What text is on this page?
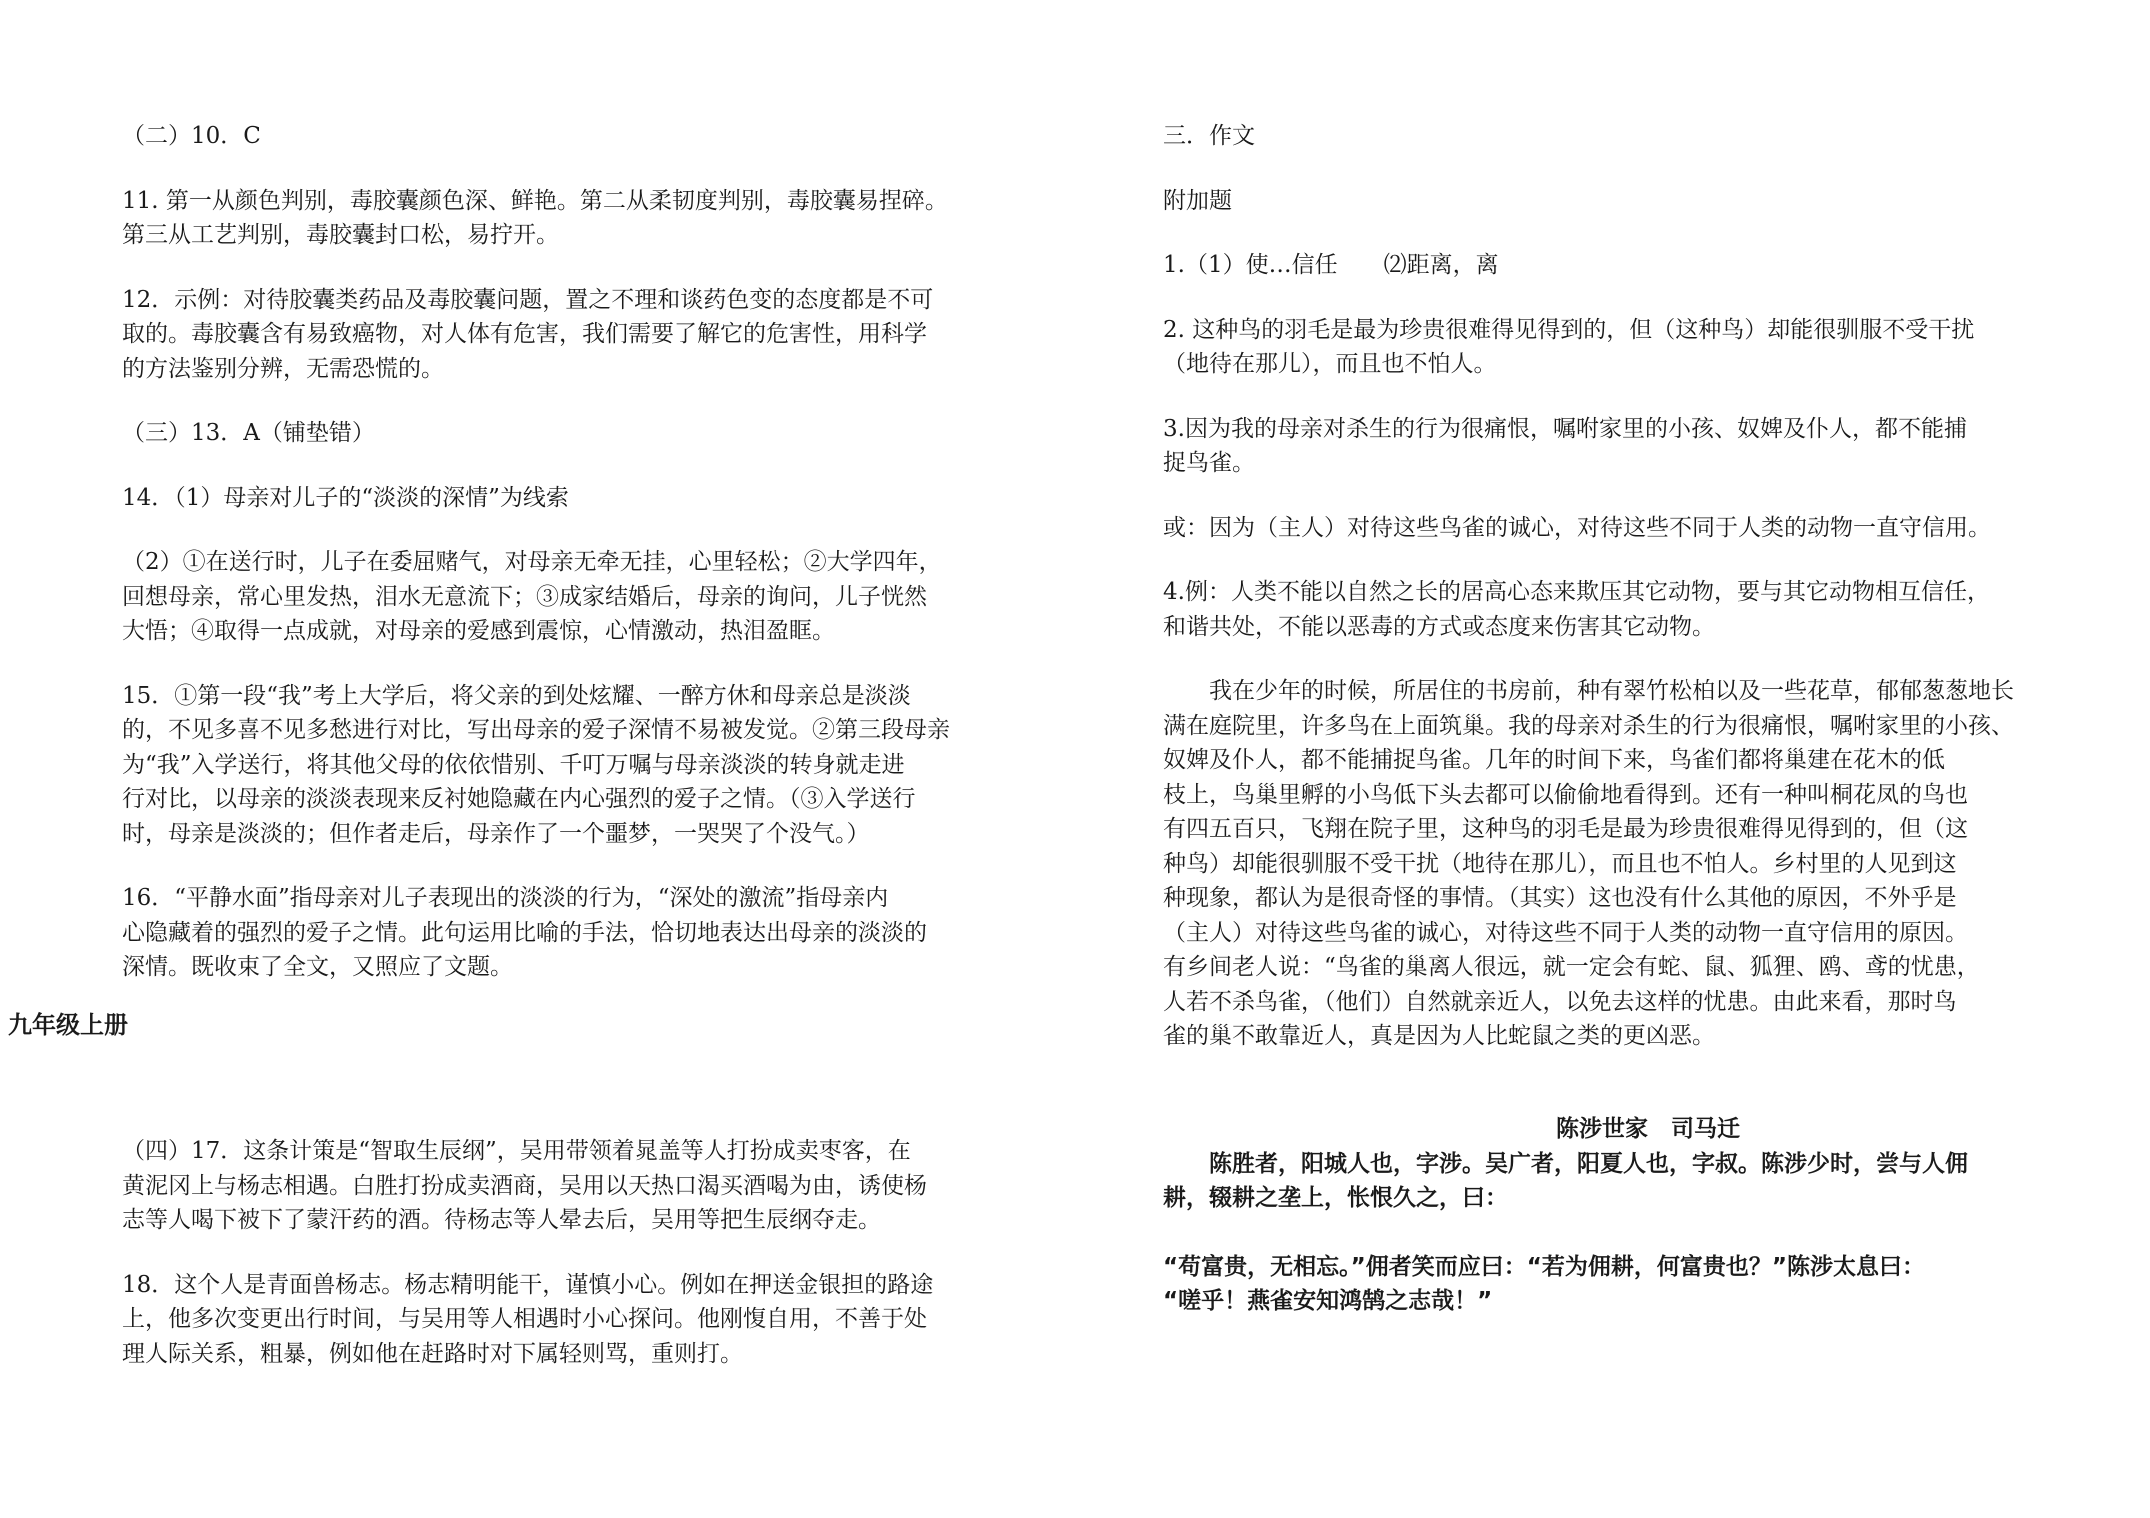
（二）10．C

11. 第一从颜色判别，毒胶囊颜色深、鲜艳。第二从柔韧度判别，毒胶囊易捏碎。

第三从工艺判别，毒胶囊封口松，易拧开。

12．示例：对待胶囊类药品及毒胶囊问题，置之不理和谈药色变的态度都是不可

取的。毒胶囊含有易致癌物，对人体有危害，我们需要了解它的危害性，用科学

的方法鉴别分辨，无需恐慌的。

（三）13．A（铺垫错）

14．（1）母亲对儿子的“淡淡的深情”为线索

（2）①在送行时，儿子在委屈赌气，对母亲无牵无挂，心里轻松；②大学四年，

回想母亲，常心里发热，泪水无意流下；③成家结婚后，母亲的询问，儿子恍然

大悟；④取得一点成就，对母亲的爱感到震惊，心情激动，热泪盈眶。

15．①第一段“我”考上大学后，将父亲的到处炫耀、一醉方休和母亲总是淡淡

的，不见多喜不见多愁进行对比，写出母亲的爱子深情不易被发觉。②第三段母亲

为“我”入学送行，将其他父母的依依惜别、千叮万嘱与母亲淡淡的转身就走进

行对比，以母亲的淡淡表现来反衬她隐藏在内心强烈的爱子之情。（③入学送行

时，母亲是淡淡的；但作者走后，母亲作了一个噩梦，一哭哭了个没气。）

16．“平静水面”指母亲对儿子表现出的淡淡的行为，“深处的激流”指母亲内

心隐藏着的强烈的爱子之情。此句运用比喻的手法，恰切地表达出母亲的淡淡的

深情。既收束了全文，又照应了文题。

九年级上册

（四）17．这条计策是“智取生辰纲”，吴用带领着晁盖等人打扮成卖枣客，在

黄泥冈上与杨志相遇。白胜打扮成卖酒商，吴用以天热口渴买酒喝为由，诱使杨

志等人喝下被下了蒙汗药的酒。待杨志等人晕去后，吴用等把生辰纲夺走。

18．这个人是青面兽杨志。杨志精明能干，谨慎小心。例如在押送金银担的路途

上，他多次变更出行时间，与吴用等人相遇时小心探问。他刚愎自用，不善于处

理人际关系，粗暴，例如他在赶路时对下属轻则骂，重则打。

三．作文

附加题

1.（1）使…信任　　⑵距离，离

2. 这种鸟的羽毛是最为珍贵很难得见得到的，但（这种鸟）却能很驯服不受干扰

（地待在那儿），而且也不怕人。

3.因为我的母亲对杀生的行为很痛恨，嘱咐家里的小孩、奴婢及仆人，都不能捕

捉鸟雀。

或：因为（主人）对待这些鸟雀的诚心，对待这些不同于人类的动物一直守信用。

4.例：人类不能以自然之长的居高心态来欺压其它动物，要与其它动物相互信任，

和谐共处，不能以恶毒的方式或态度来伤害其它动物。

　　我在少年的时候，所居住的书房前，种有翠竹松柏以及一些花草，郁郁葱葱地长

满在庭院里，许多鸟在上面筑巢。我的母亲对杀生的行为很痛恨，嘱咐家里的小孩、

奴婢及仆人，都不能捕捉鸟雀。几年的时间下来，鸟雀们都将巢建在花木的低

枝上，鸟巢里孵的小鸟低下头去都可以偷偷地看得到。还有一种叫桐花凤的鸟也

有四五百只，飞翔在院子里，这种鸟的羽毛是最为珍贵很难得见得到的，但（这

种鸟）却能很驯服不受干扰（地待在那儿），而且也不怕人。乡村里的人见到这

种现象，都认为是很奇怪的事情。（其实）这也没有什么其他的原因，不外乎是

（主人）对待这些鸟雀的诚心，对待这些不同于人类的动物一直守信用的原因。

有乡间老人说：“鸟雀的巢离人很远，就一定会有蛇、鼠、狐狸、鸥、鸢的忧患，

人若不杀鸟雀，（他们）自然就亲近人，以免去这样的忧患。由此来看，那时鸟

雀的巢不敢靠近人，真是因为人比蛇鼠之类的更凶恶。

陈涉世家　司马迁

　　陈胜者，阳城人也，字涉。吴广者，阳夏人也，字叔。陈涉少时，尝与人佣

耕，辍耕之垄上，怅恨久之，曰：

“苟富贵，无相忘。”佣者笑而应曰：“若为佣耕，何富贵也？”陈涉太息曰：

“嗟乎！燕雀安知鸿鹄之志哉！”
